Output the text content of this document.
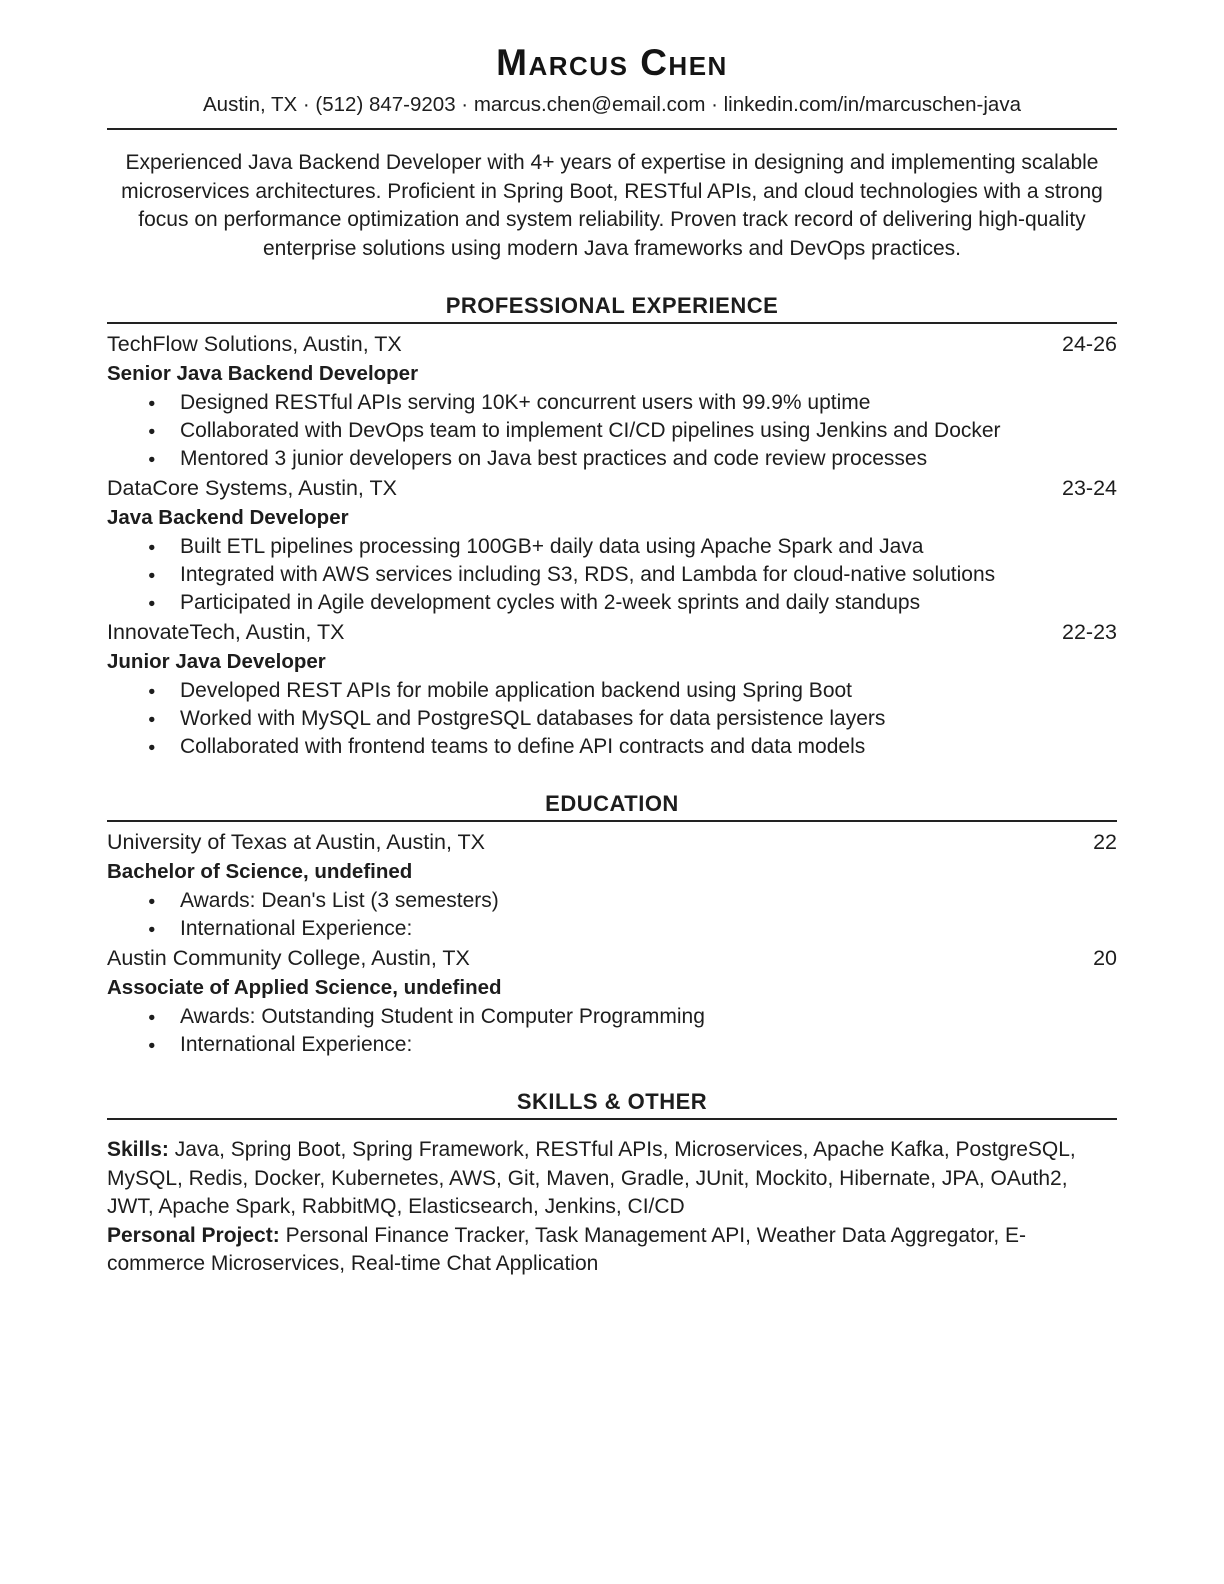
Marcus Chen
Austin, TX · (512) 847-9203 · marcus.chen@email.com · linkedin.com/in/marcuschen-java

Experienced Java Backend Developer with 4+ years of expertise in designing and implementing scalable microservices architectures. Proficient in Spring Boot, RESTful APIs, and cloud technologies with a strong focus on performance optimization and system reliability. Proven track record of delivering high-quality enterprise solutions using modern Java frameworks and DevOps practices.

PROFESSIONAL EXPERIENCE
TechFlow Solutions, Austin, TX	24-26
Senior Java Backend Developer
● Designed RESTful APIs serving 10K+ concurrent users with 99.9% uptime
● Collaborated with DevOps team to implement CI/CD pipelines using Jenkins and Docker
● Mentored 3 junior developers on Java best practices and code review processes
DataCore Systems, Austin, TX	23-24
Java Backend Developer
● Built ETL pipelines processing 100GB+ daily data using Apache Spark and Java
● Integrated with AWS services including S3, RDS, and Lambda for cloud-native solutions
● Participated in Agile development cycles with 2-week sprints and daily standups
InnovateTech, Austin, TX	22-23
Junior Java Developer
● Developed REST APIs for mobile application backend using Spring Boot
● Worked with MySQL and PostgreSQL databases for data persistence layers
● Collaborated with frontend teams to define API contracts and data models
EDUCATION
University of Texas at Austin, Austin, TX	22
Bachelor of Science, undefined
● Awards: Dean's List (3 semesters)
● International Experience:
Austin Community College, Austin, TX	20
Associate of Applied Science, undefined
● Awards: Outstanding Student in Computer Programming
● International Experience:
SKILLS & OTHER

Skills: Java, Spring Boot, Spring Framework, RESTful APIs, Microservices, Apache Kafka, PostgreSQL, MySQL, Redis, Docker, Kubernetes, AWS, Git, Maven, Gradle, JUnit, Mockito, Hibernate, JPA, OAuth2, JWT, Apache Spark, RabbitMQ, Elasticsearch, Jenkins, CI/CD

Personal Project: Personal Finance Tracker, Task Management API, Weather Data Aggregator, E-commerce Microservices, Real-time Chat Application
